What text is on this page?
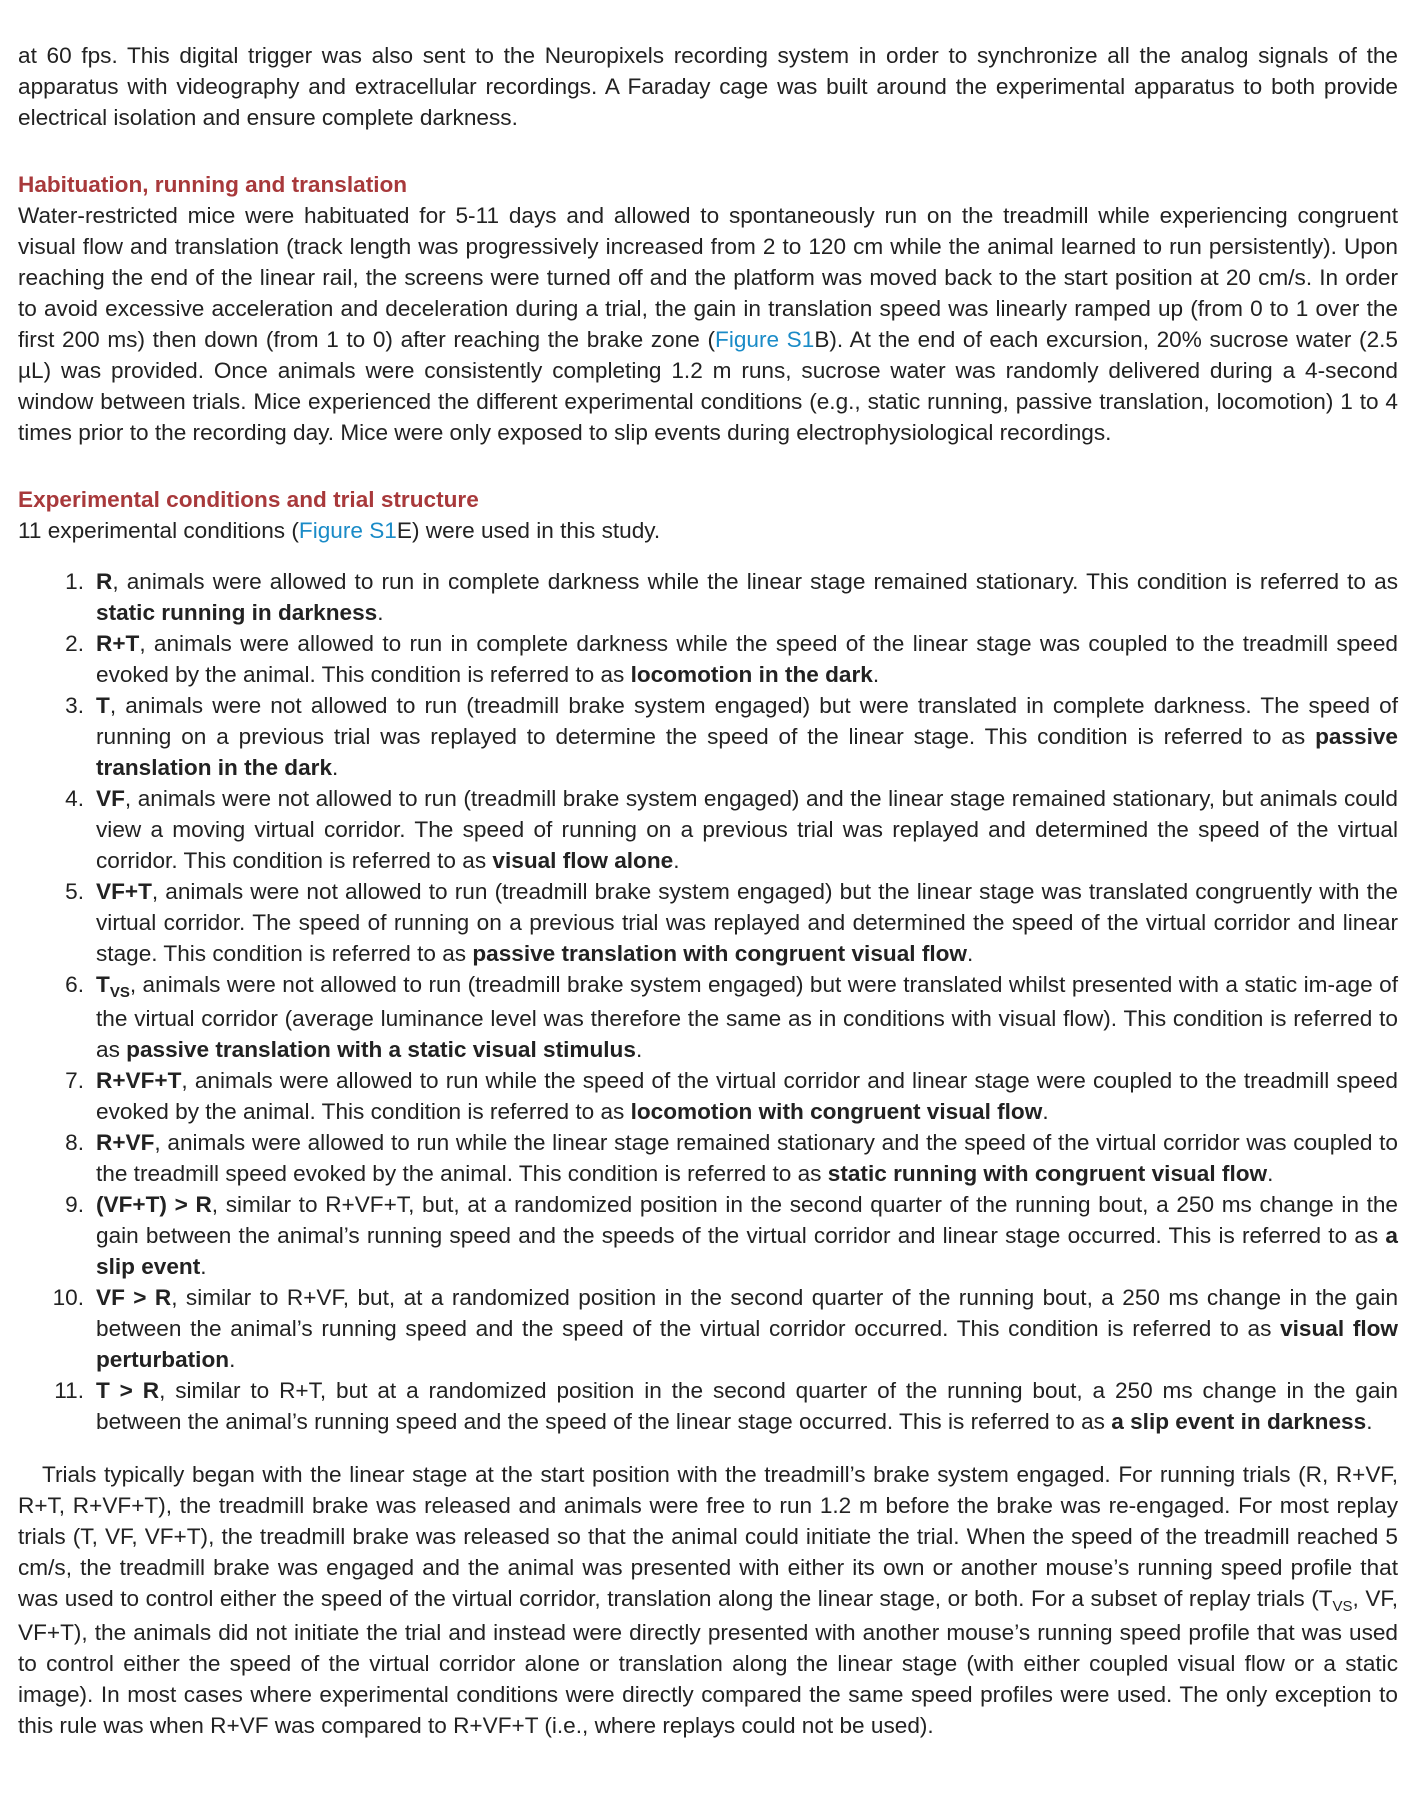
at 60 fps. This digital trigger was also sent to the Neuropixels recording system in order to synchronize all the analog signals of the apparatus with videography and extracellular recordings. A Faraday cage was built around the experimental apparatus to both provide electrical isolation and ensure complete darkness.

Habituation, running and translation

Water-restricted mice were habituated for 5-11 days and allowed to spontaneously run on the treadmill while experiencing congruent visual flow and translation (track length was progressively increased from 2 to 120 cm while the animal learned to run persistently). Upon reaching the end of the linear rail, the screens were turned off and the platform was moved back to the start position at 20 cm/s. In order to avoid excessive acceleration and deceleration during a trial, the gain in translation speed was linearly ramped up (from 0 to 1 over the first 200 ms) then down (from 1 to 0) after reaching the brake zone (Figure S1B). At the end of each excursion, 20% sucrose water (2.5 µL) was provided. Once animals were consistently completing 1.2 m runs, sucrose water was randomly delivered during a 4-second window between trials. Mice experienced the different experimental conditions (e.g., static running, passive translation, locomotion) 1 to 4 times prior to the recording day. Mice were only exposed to slip events during electrophysiological recordings.

Experimental conditions and trial structure

11 experimental conditions (Figure S1E) were used in this study.

1. R, animals were allowed to run in complete darkness while the linear stage remained stationary. This condition is referred to as static running in darkness.
2. R+T, animals were allowed to run in complete darkness while the speed of the linear stage was coupled to the treadmill speed evoked by the animal. This condition is referred to as locomotion in the dark.
3. T, animals were not allowed to run (treadmill brake system engaged) but were translated in complete darkness. The speed of running on a previous trial was replayed to determine the speed of the linear stage. This condition is referred to as passive translation in the dark.
4. VF, animals were not allowed to run (treadmill brake system engaged) and the linear stage remained stationary, but animals could view a moving virtual corridor. The speed of running on a previous trial was replayed and determined the speed of the virtual corridor. This condition is referred to as visual flow alone.
5. VF+T, animals were not allowed to run (treadmill brake system engaged) but the linear stage was translated congruently with the virtual corridor. The speed of running on a previous trial was replayed and determined the speed of the virtual corridor and linear stage. This condition is referred to as passive translation with congruent visual flow.
6. $T_{VS}$, animals were not allowed to run (treadmill brake system engaged) but were translated whilst presented with a static im-age of the virtual corridor (average luminance level was therefore the same as in conditions with visual flow). This condition is referred to as passive translation with a static visual stimulus.
7. R+VF+T, animals were allowed to run while the speed of the virtual corridor and linear stage were coupled to the treadmill speed evoked by the animal. This condition is referred to as locomotion with congruent visual flow.
8. R+VF, animals were allowed to run while the linear stage remained stationary and the speed of the virtual corridor was coupled to the treadmill speed evoked by the animal. This condition is referred to as static running with congruent visual flow.
9. (VF+T) > R, similar to R+VF+T, but, at a randomized position in the second quarter of the running bout, a 250 ms change in the gain between the animal’s running speed and the speeds of the virtual corridor and linear stage occurred. This is referred to as a slip event.
10. VF > R, similar to R+VF, but, at a randomized position in the second quarter of the running bout, a 250 ms change in the gain between the animal’s running speed and the speed of the virtual corridor occurred. This condition is referred to as visual flow perturbation.
11. T > R, similar to R+T, but at a randomized position in the second quarter of the running bout, a 250 ms change in the gain between the animal’s running speed and the speed of the linear stage occurred. This is referred to as a slip event in darkness.

Trials typically began with the linear stage at the start position with the treadmill’s brake system engaged. For running trials (R, R+VF, R+T, R+VF+T), the treadmill brake was released and animals were free to run 1.2 m before the brake was re-engaged. For most replay trials (T, VF, VF+T), the treadmill brake was released so that the animal could initiate the trial. When the speed of the treadmill reached 5 cm/s, the treadmill brake was engaged and the animal was presented with either its own or another mouse’s running speed profile that was used to control either the speed of the virtual corridor, translation along the linear stage, or both. For a subset of replay trials ($T_{VS}$, VF, VF+T), the animals did not initiate the trial and instead were directly presented with another mouse’s running speed profile that was used to control either the speed of the virtual corridor alone or translation along the linear stage (with either coupled visual flow or a static image). In most cases where experimental conditions were directly compared the same speed profiles were used. The only exception to this rule was when R+VF was compared to R+VF+T (i.e., where replays could not be used).
